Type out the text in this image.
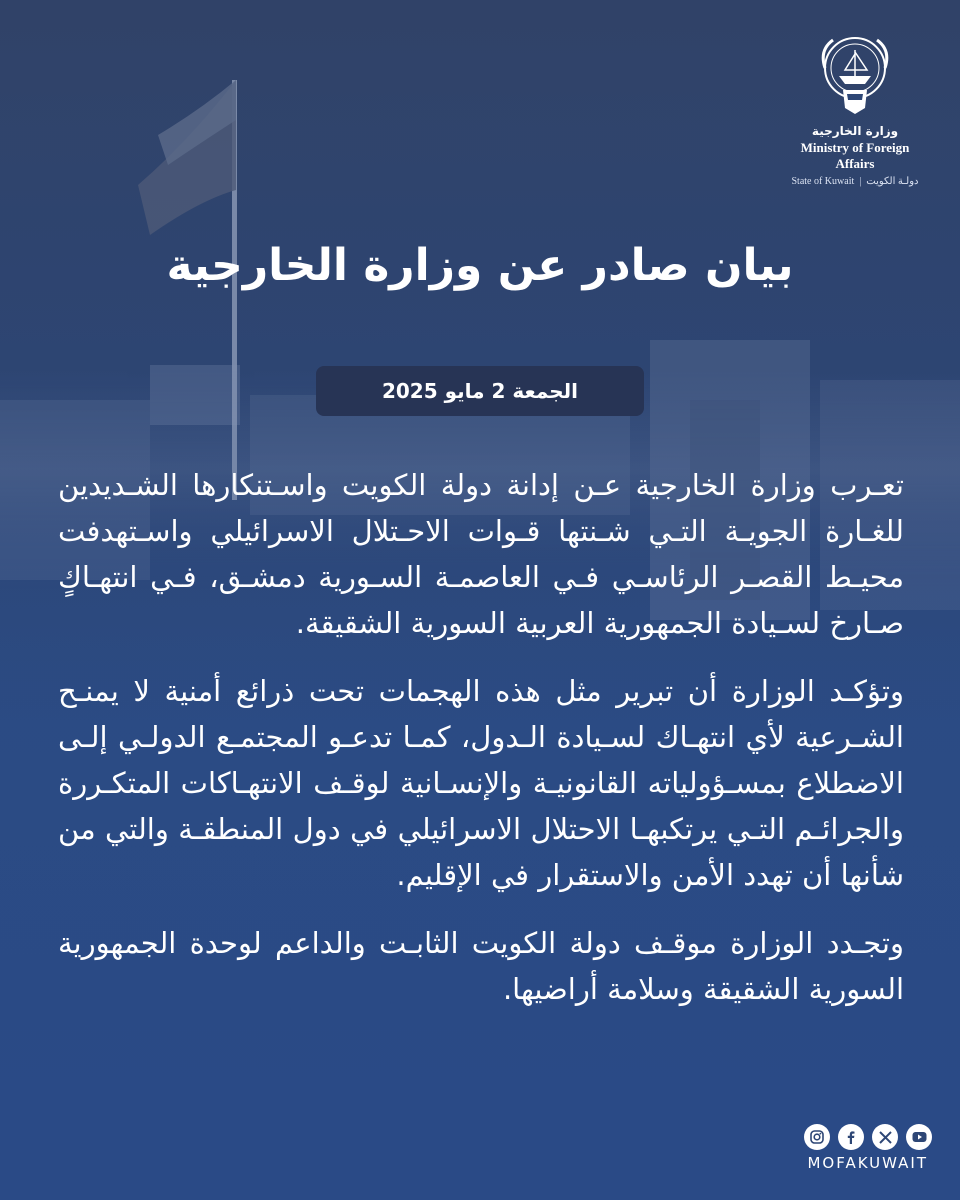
وزارة الخارجية
Ministry of Foreign Affairs
State of Kuwait  |  دولـة الكويت
بيان صادر عن وزارة الخارجية
الجمعة 2 مايو 2025

تعـرب وزارة الخارجية عـن إدانة دولة الكويت واسـتنكارها الشـديدين للغـارة الجويـة التـي شـنتها قـوات الاحـتلال الاسرائيلي واسـتهدفت محيـط القصـر الرئاسـي فـي العاصمـة السـورية دمشـق، فـي انتهـاكٍ صـارخ لسـيادة الجمهورية العربية السورية الشقيقة.

وتؤكـد الوزارة أن تبرير مثل هذه الهجمات تحت ذرائع أمنية لا يمنـح الشـرعية لأي انتهـاك لسـيادة الـدول، كمـا تدعـو المجتمـع الدولـي إلـى الاضطلاع بمسـؤولياته القانونيـة والإنسـانية لوقـف الانتهـاكات المتكـررة والجرائـم التـي يرتكبهـا الاحتلال الاسرائيلي في دول المنطقـة والتي من شأنها أن تهدد الأمن والاستقرار في الإقليم.

وتجـدد الوزارة موقـف دولة الكويت الثابـت والداعم لوحدة الجمهورية السورية الشقيقة وسلامة أراضيها.

MOFAKUWAIT
